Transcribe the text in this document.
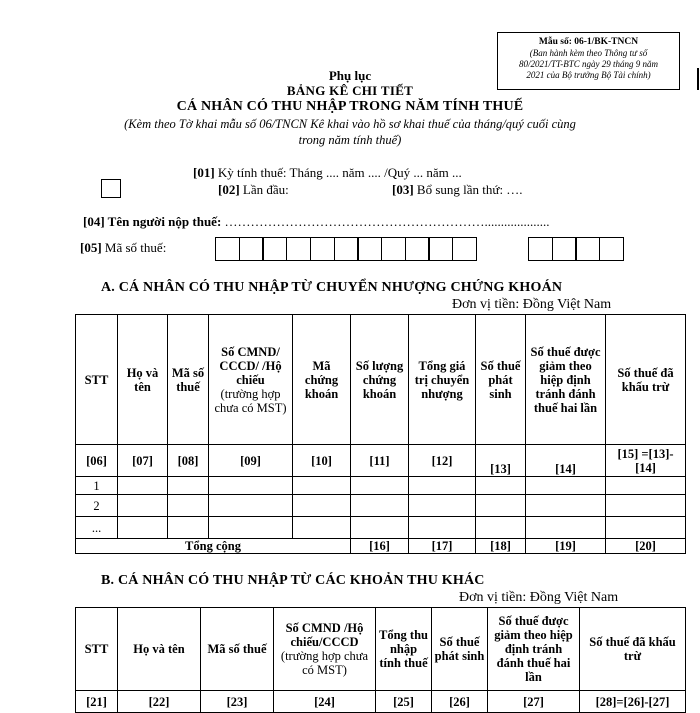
Mẫu số: 06-1/BK-TNCN
(Ban hành kèm theo Thông tư số
80/2021/TT-BTC ngày 29 tháng 9 năm
2021 của Bộ trưởng Bộ Tài chính)
Phụ lục
BẢNG KÊ CHI TIẾT
CÁ NHÂN CÓ THU NHẬP TRONG NĂM TÍNH THUẾ
(Kèm theo Tờ khai mẫu số 06/TNCN Kê khai vào hồ sơ khai thuế của tháng/quý cuối cùng
trong năm tính thuế)
[01] Kỳ tính thuế: Tháng .... năm .... /Quý ... năm ...
[02] Lần đầu:	[03] Bổ sung lần thứ: ….
[04] Tên người nộp thuế: ……………………………………………………....................
[05] Mã số thuế:
A. CÁ NHÂN CÓ THU NHẬP TỪ CHUYỂN NHƯỢNG CHỨNG KHOÁN
Đơn vị tiền: Đồng Việt Nam
STT	Họ và tên	Mã số thuế	Số CMND/ CCCD/ /Hộ chiếu
(trường hợp chưa có MST)	Mã chứng khoán	Số lượng chứng khoán	Tổng giá trị chuyển nhượng	Số thuế phát sinh	Số thuế được giảm theo hiệp định tránh đánh thuế hai lần	Số thuế đã khấu trừ
[06]	[07]	[08]	[09]	[10]	[11]	[12]	[13]	[14]	[15] =[13]-[14]
1									
2									
...									
Tổng cộng					[16]	[17]	[18]	[19]	[20]
B. CÁ NHÂN CÓ THU NHẬP TỪ CÁC KHOẢN THU KHÁC
Đơn vị tiền: Đồng Việt Nam
STT	Họ và tên	Mã số thuế	Số CMND /Hộ chiếu/CCCD
(trường hợp chưa có MST)	Tổng thu nhập tính thuế	Số thuế phát sinh	Số thuế được giảm theo hiệp định tránh đánh thuế hai lần	Số thuế đã khấu trừ
[21]	[22]	[23]	[24]	[25]	[26]	[27]	[28]=[26]-[27]
